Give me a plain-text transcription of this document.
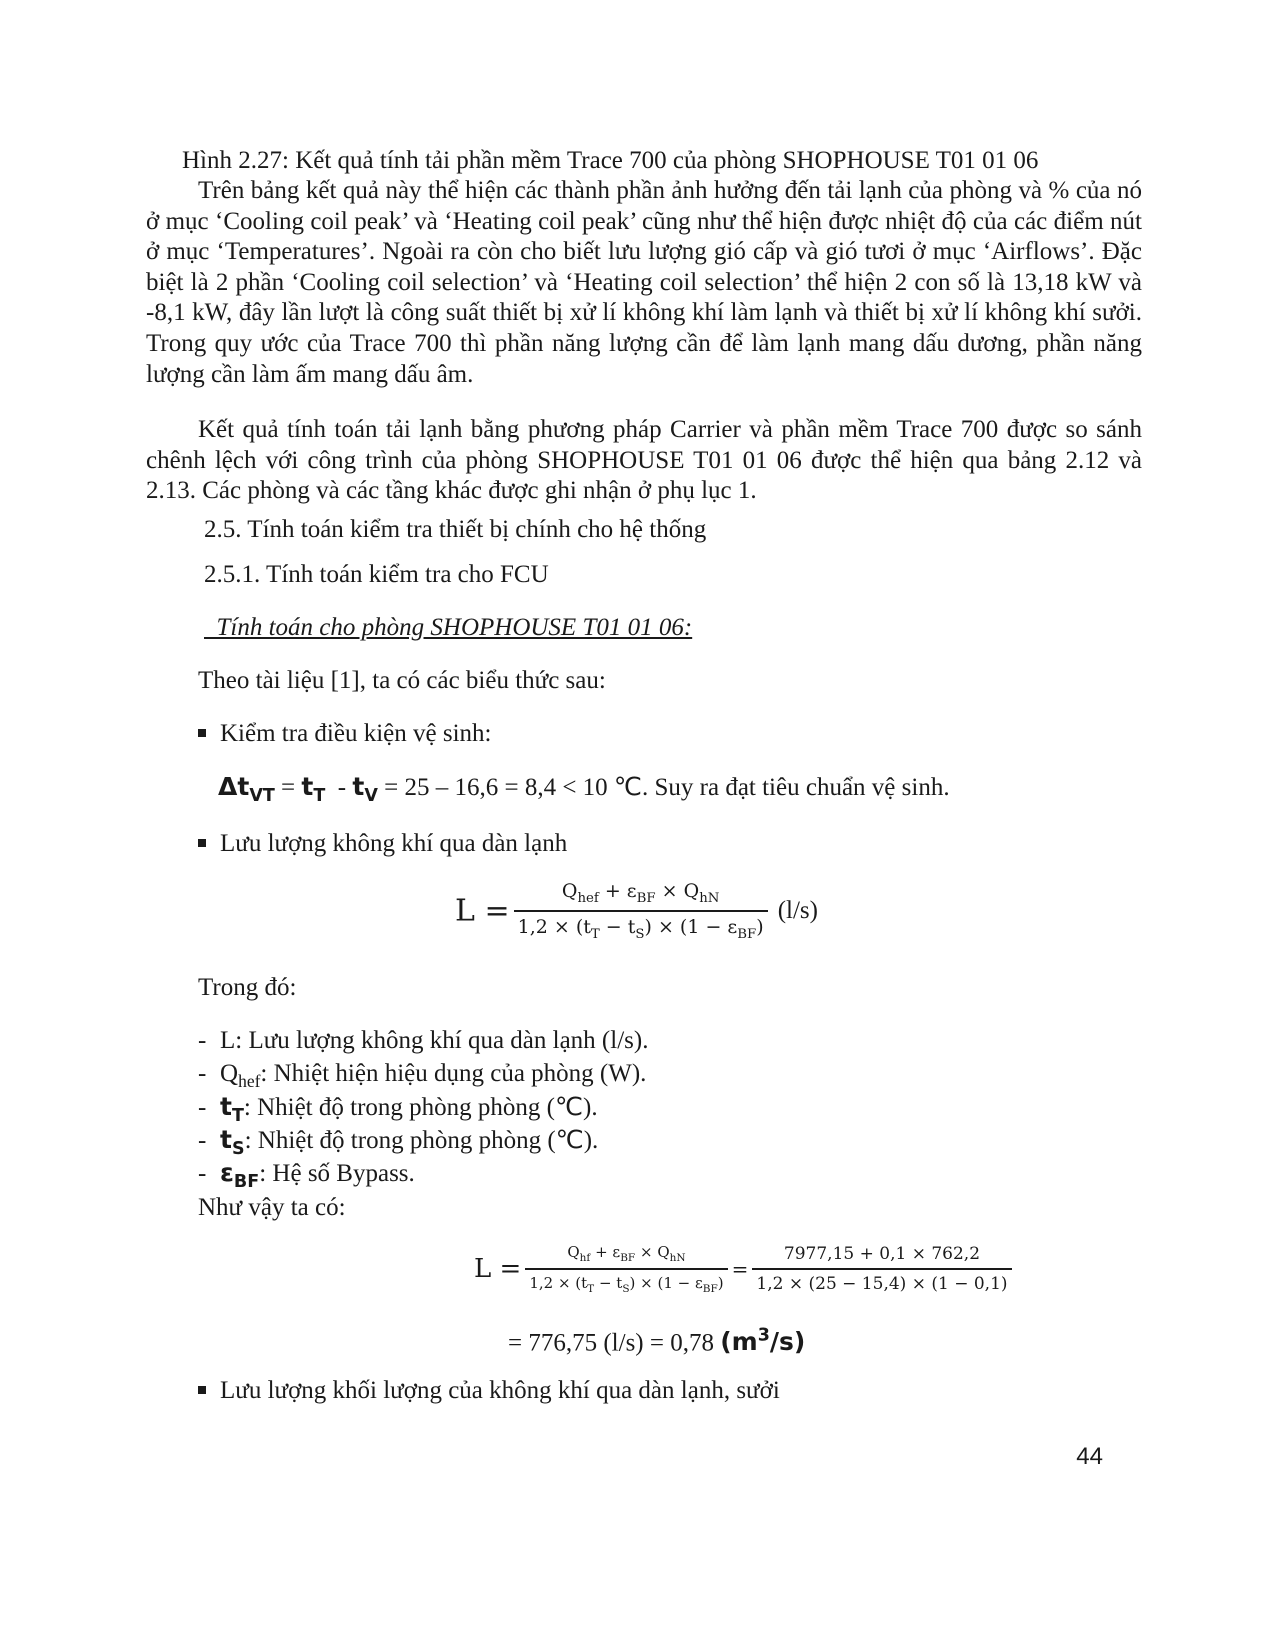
Hình 2.27: Kết quả tính tải phần mềm Trace 700 của phòng SHOPHOUSE T01 01 06
Trên bảng kết quả này thể hiện các thành phần ảnh hưởng đến tải lạnh của phòng và % của nó ở mục ‘Cooling coil peak’ và ‘Heating coil peak’ cũng như thể hiện được nhiệt độ của các điểm nút ở mục ‘Temperatures’. Ngoài ra còn cho biết lưu lượng gió cấp và gió tươi ở mục ‘Airflows’. Đặc biệt là 2 phần ‘Cooling coil selection’ và ‘Heating coil selection’ thể hiện 2 con số là 13,18 kW và -8,1 kW, đây lần lượt là công suất thiết bị xử lí không khí làm lạnh và thiết bị xử lí không khí sưởi. Trong quy ước của Trace 700 thì phần năng lượng cần để làm lạnh mang dấu dương, phần năng lượng cần làm ấm mang dấu âm.
Kết quả tính toán tải lạnh bằng phương pháp Carrier và phần mềm Trace 700 được so sánh chênh lệch với công trình của phòng SHOPHOUSE T01 01 06 được thể hiện qua bảng 2.12 và 2.13. Các phòng và các tầng khác được ghi nhận ở phụ lục 1.
2.5. Tính toán kiểm tra thiết bị chính cho hệ thống
2.5.1. Tính toán kiểm tra cho FCU
Tính toán cho phòng SHOPHOUSE T01 01 06:
Theo tài liệu [1], ta có các biểu thức sau:
Kiểm tra điều kiện vệ sinh:
$\Delta t_{VT} = t_T - t_V = 25 - 16,6 = 8,4 < 10$ ℃. Suy ra đạt tiêu chuẩn vệ sinh.
Lưu lượng không khí qua dàn lạnh
$L = \frac{Q_{hef} + \varepsilon_{BF} \times Q_{hN}}{1,2 \times (t_T - t_S) \times (1 - \varepsilon_{BF})} (l/s)$
Trong đó:
- L: Lưu lượng không khí qua dàn lạnh (l/s).
- $Q_{hef}$: Nhiệt hiện hiệu dụng của phòng (W).
- $t_T$: Nhiệt độ trong phòng phòng (℃).
- $t_S$: Nhiệt độ trong phòng phòng (℃).
- $\varepsilon_{BF}$: Hệ số Bypass.
Như vậy ta có:
$L = \frac{Q_{hf} + \varepsilon_{BF} \times Q_{hN}}{1,2 \times (t_T - t_S) \times (1 - \varepsilon_{BF})} = \frac{7977,15 + 0,1 \times 762,2}{1,2 \times (25 - 15,4) \times (1 - 0,1)}$
= 776,75 (l/s) = 0,78 $(m^3/s)$
Lưu lượng khối lượng của không khí qua dàn lạnh, sưởi
44
